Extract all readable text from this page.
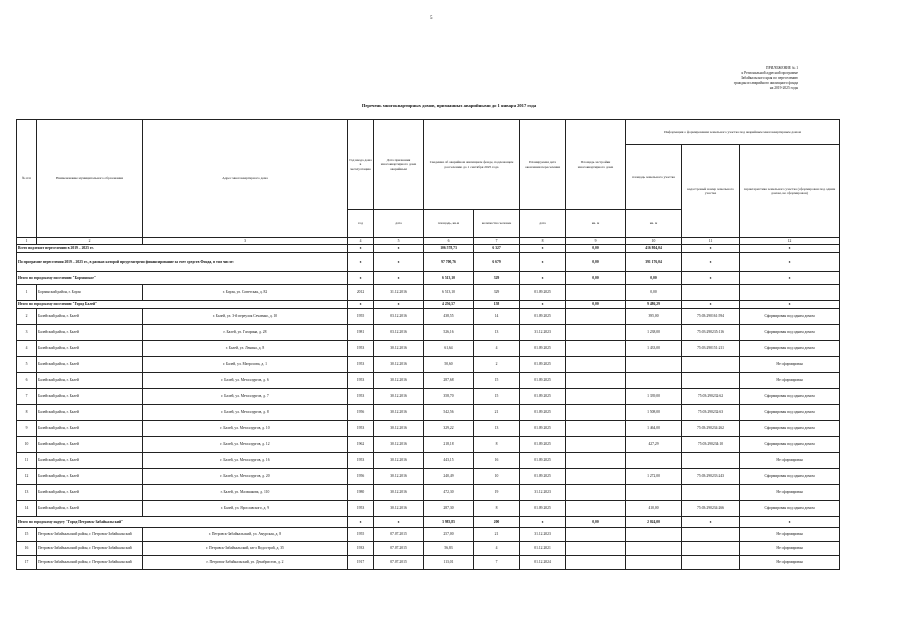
5
ПРИЛОЖЕНИЕ № 1
к Региональной адресной программе
Забайкальского края по переселению
граждан из аварийного жилищного фонда
на 2019-2025 годы
Перечень многоквартирных домов, признанных аварийными до 1 января 2017 года
№ п/п	Наименование муниципального образования	Адрес многоквартирного дома	Год ввода дома в эксплуатацию	Дата признания многоквартирного дома аварийным	Сведения об аварийном жилищном фонде, подлежащем расселению до 1 сентября 2025 года		Планируемая дата окончания переселения	Площадь застройки многоквартирного дома	Информация о формировании земельного участка под аварийным многоквартирным домом		
									площадь земельного участка	кадастровый номер земельного участка	характеристика земельного участка (сформирован под одним домом, не сформирован)
			год	дата	площадь, кв.м	количество человек	дата	кв. м	кв. м		
1	2	3	4	5	6	7	8	9	10	11	12
Всего подлежит переселению в 2019 – 2025 гг.			x	x	106 578,73	6 327	x	0,00	416 804,04	x	x
По программе переселения 2019 – 2025 гг., в рамках которой предусмотрено финансирование за счет средств Фонда, в том числе:			x	x	97 700,76	6 679	x	0,00	391 176,04	x	x
Итого по городскому поселению "Борзинское"			x	x	6 513,10	329	x	0,00	0,00	x	x
1	Борзинский район, г. Борзя	г. Борзя, ул. Советская, д. 82	2012	31.12.2016	6 513,10	329	01.09.2025		0,00		
Итого по городскому поселению "Город Балей"			x	x	4 256,57	158	x	0,00	9 486,29	x	x
2	Балейский район, г. Балей	г. Балей, ул. 3-й переулок Сечаенко, д. 10	1955	03.12.2016	438,55	14	01.09.2025		395,00	75:03:290161:594	Сформирован под одним домом
3	Балейский район, г. Балей	г. Балей, ул. Гагарина, д. 28	1981	03.12.2016	526,16	13	31.12.2023		1 238,00	75:03:290235:116	Сформирован под одним домом
4	Балейский район, г. Балей	г. Балей, ул. Ленина, д. 8	1953	30.12.2016	61,64	4	01.09.2025		1 433,00	75:03:290151:211	Сформирован под одним домом
5	Балейский район, г. Балей	г. Балей, ул. Матросова, д. 1	1953	30.12.2016	50,60	2	01.09.2025				Не сформирован
6	Балейский район, г. Балей	г. Балей, ул. Металлургов, д. 6	1953	30.12.2016	287,68	15	01.09.2025				Не сформирован
7	Балейский район, г. Балей	г. Балей, ул. Металлургов, д. 7	1953	30.12.2016	358,70	15	01.09.2025		1 339,00	75:03:290232:62	Сформирован под одним домом
8	Балейский район, г. Балей	г. Балей, ул. Металлургов, д. 8	1956	30.12.2016	542,56	21	01.09.2025		1 508,00	75:03:290232:63	Сформирован под одним домом
9	Балейский район, г. Балей	г. Балей, ул. Металлургов, д. 10	1953	30.12.2016	329,22	13	01.09.2025		1 464,00	75:03:290234:262	Сформирован под одним домом
10	Балейский район, г. Балей	г. Балей, ул. Металлургов, д. 12	1962	30.12.2016	218,18	8	01.09.2025		427,29	75:03:290234:10	Сформирован под одним домом
11	Балейский район, г. Балей	г. Балей, ул. Металлургов, д. 16	1953	30.12.2016	443,15	16	01.09.2025				Не сформирован
12	Балейский район, г. Балей	г. Балей, ул. Металлургов, д. 20	1956	30.12.2016	240,49	10	01.09.2025		1 272,00	75:03:290233:243	Сформирован под одним домом
13	Балейский район, г. Балей	г. Балей, ул. Мальчакова, д. 110	1980	30.12.2016	472,30	19	31.12.2023				Не сформирован
14	Балейский район, г. Балей	г. Балей, ул. Ярославского, д. 9	1953	30.12.2016	287,30	8	01.09.2025		410,00	75:03:290234:266	Сформирован под одним домом
Итого по городскому округу "Город Петровск-Забайкальский"			x	x	3 983,85	200	x	0,00	2 024,00	x	x
15	Петровск-Забайкальский район, г. Петровск-Забайкальский	г. Петровск-Забайкальский, ул. Амурская, д. 8	1955	07.07.2015	257,00	21	31.12.2023				Не сформирован
16	Петровск-Забайкальский район, г. Петровск-Забайкальский	г. Петровск-Забайкальский, кв-л Водострой, д. 35	1933	07.07.2015	56,83	4	01.12.2021				Не сформирован
17	Петровск-Забайкальский район, г. Петровск-Забайкальский	г. Петровск-Забайкальский, ул. Декабристов, д. 2	1917	07.07.2015	113,01	7	01.12.2024				Не сформирован
